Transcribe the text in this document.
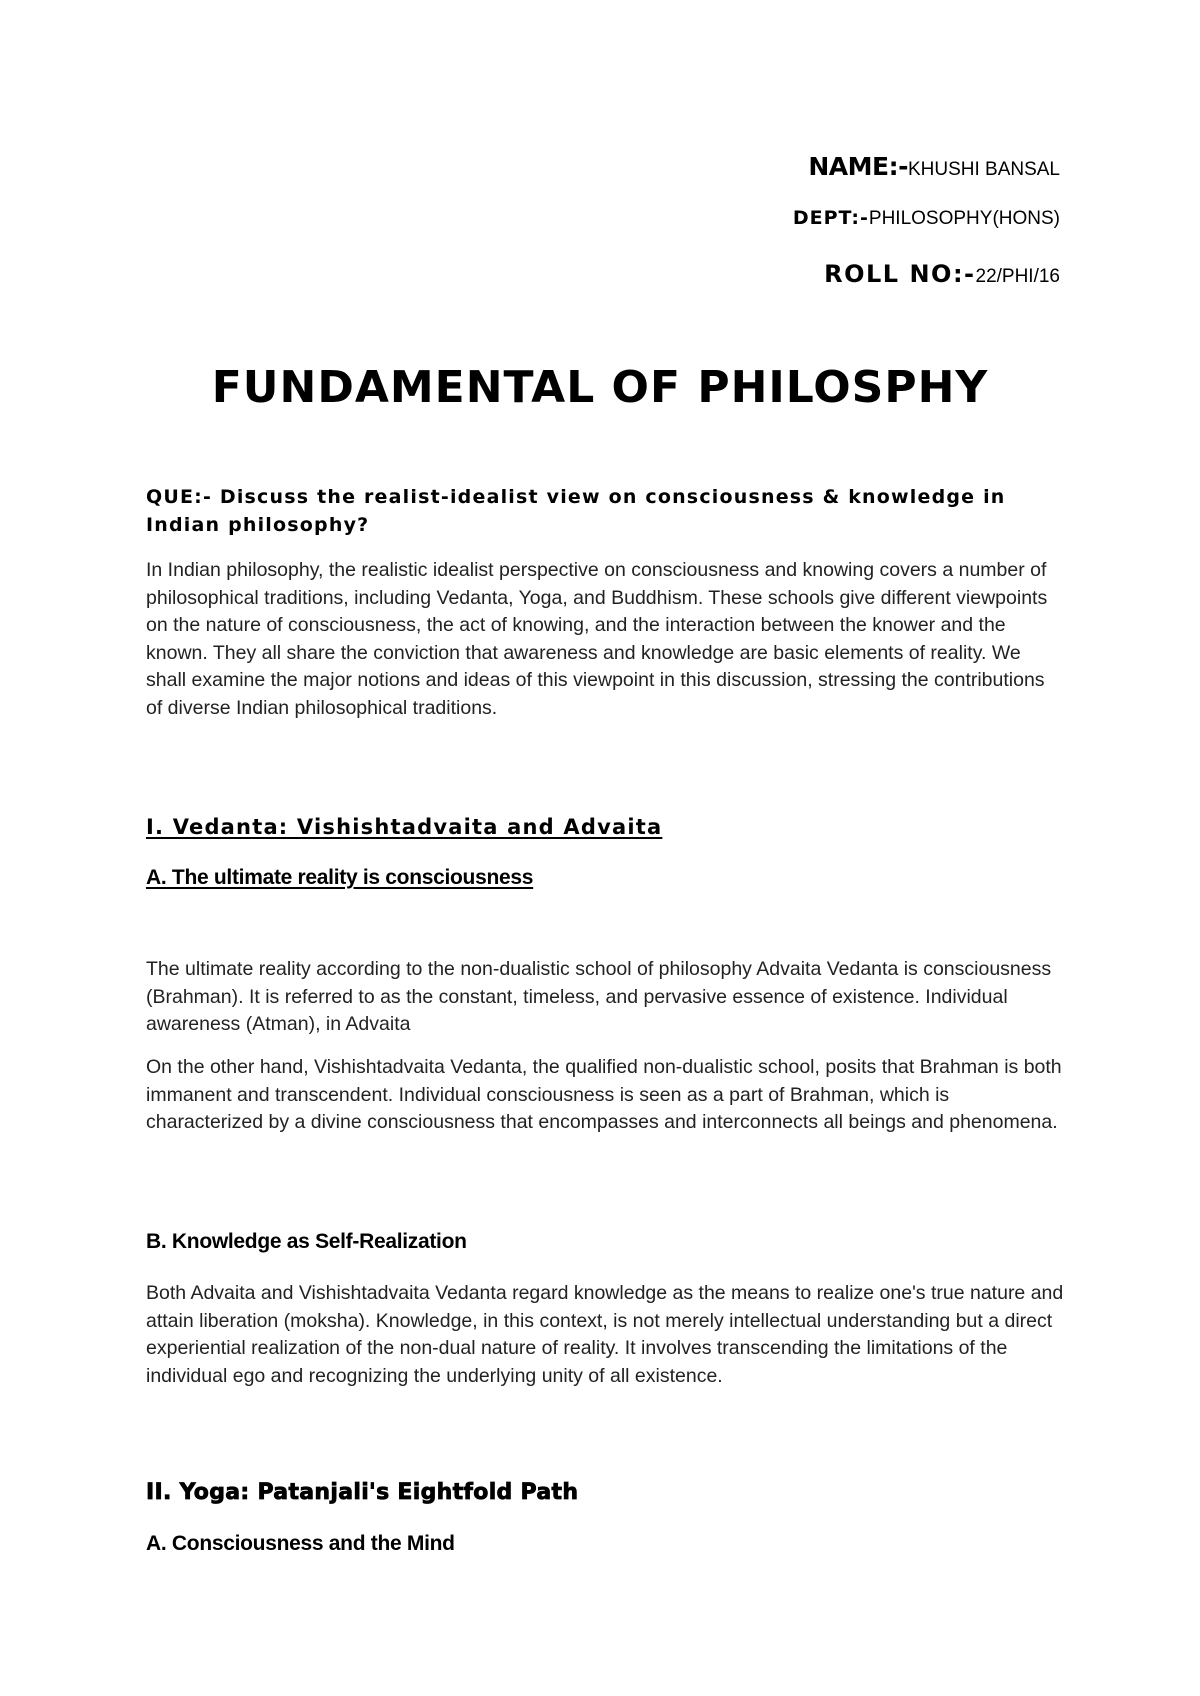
NAME:-KHUSHI BANSAL
DEPT:-PHILOSOPHY(HONS)
ROLL NO:-22/PHI/16
FUNDAMENTAL OF PHILOSPHY

QUE:- Discuss the realist-idealist view on consciousness & knowledge in Indian philosophy?

In Indian philosophy, the realistic idealist perspective on consciousness and knowing covers a number of philosophical traditions, including Vedanta, Yoga, and Buddhism. These schools give different viewpoints on the nature of consciousness, the act of knowing, and the interaction between the knower and the known. They all share the conviction that awareness and knowledge are basic elements of reality. We shall examine the major notions and ideas of this viewpoint in this discussion, stressing the contributions of diverse Indian philosophical traditions.

I. Vedanta: Vishishtadvaita and Advaita
A. The ultimate reality is consciousness

The ultimate reality according to the non-dualistic school of philosophy Advaita Vedanta is consciousness (Brahman). It is referred to as the constant, timeless, and pervasive essence of existence. Individual awareness (Atman), in Advaita

On the other hand, Vishishtadvaita Vedanta, the qualified non-dualistic school, posits that Brahman is both immanent and transcendent. Individual consciousness is seen as a part of Brahman, which is characterized by a divine consciousness that encompasses and interconnects all beings and phenomena.

B. Knowledge as Self-Realization

Both Advaita and Vishishtadvaita Vedanta regard knowledge as the means to realize one's true nature and attain liberation (moksha). Knowledge, in this context, is not merely intellectual understanding but a direct experiential realization of the non-dual nature of reality. It involves transcending the limitations of the individual ego and recognizing the underlying unity of all existence.

II. Yoga: Patanjali's Eightfold Path
A. Consciousness and the Mind
